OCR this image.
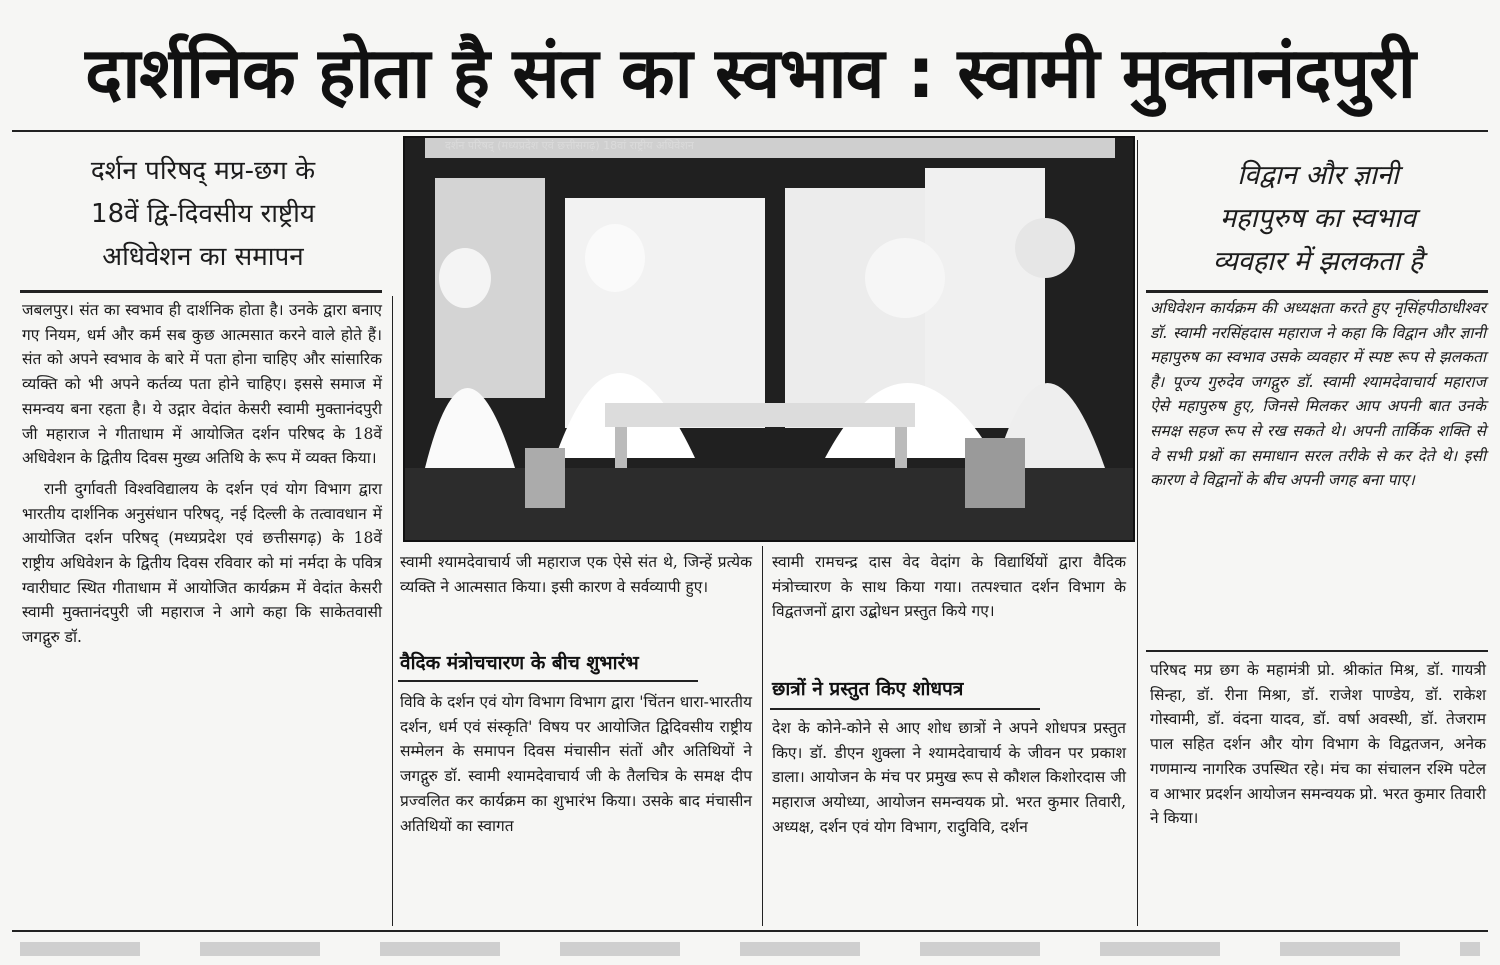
दार्शनिक होता है संत का स्वभाव : स्वामी मुक्तानंदपुरी
दर्शन परिषद् मप्र-छग के
18वें द्वि-दिवसीय राष्ट्रीय
अधिवेशन का समापन
विद्वान और ज्ञानी
महापुरुष का स्वभाव
व्यवहार में झलकता है
दर्शन परिषद् (मध्यप्रदेश एवं छत्तीसगढ़) 18वां राष्ट्रीय अधिवेशन

जबलपुर। संत का स्वभाव ही दार्शनिक होता है। उनके द्वारा बनाए गए नियम, धर्म और कर्म सब कुछ आत्मसात करने वाले होते हैं। संत को अपने स्वभाव के बारे में पता होना चाहिए और सांसारिक व्यक्ति को भी अपने कर्तव्य पता होने चाहिए। इससे समाज में समन्वय बना रहता है। ये उद्गार वेदांत केसरी स्वामी मुक्तानंदपुरी जी महाराज ने गीताधाम में आयोजित दर्शन परिषद के 18वें अधिवेशन के द्वितीय दिवस मुख्य अतिथि के रूप में व्यक्त किया।

रानी दुर्गावती विश्वविद्यालय के दर्शन एवं योग विभाग द्वारा भारतीय दार्शनिक अनुसंधान परिषद्, नई दिल्ली के तत्वावधान में आयोजित दर्शन परिषद् (मध्यप्रदेश एवं छत्तीसगढ़) के 18वें राष्ट्रीय अधिवेशन के द्वितीय दिवस रविवार को मां नर्मदा के पवित्र ग्वारीघाट स्थित गीताधाम में आयोजित कार्यक्रम में वेदांत केसरी स्वामी मुक्तानंदपुरी जी महाराज ने आगे कहा कि साकेतवासी जगद्गुरु डॉ.

स्वामी श्यामदेवाचार्य जी महाराज एक ऐसे संत थे, जिन्हें प्रत्येक व्यक्ति ने आत्मसात किया। इसी कारण वे सर्वव्यापी हुए।

वैदिक मंत्रोचचारण के बीच शुभारंभ

विवि के दर्शन एवं योग विभाग विभाग द्वारा 'चिंतन धारा-भारतीय दर्शन, धर्म एवं संस्कृति' विषय पर आयोजित द्विदिवसीय राष्ट्रीय सम्मेलन के समापन दिवस मंचासीन संतों और अतिथियों ने जगद्गुरु डॉ. स्वामी श्यामदेवाचार्य जी के तैलचित्र के समक्ष दीप प्रज्वलित कर कार्यक्रम का शुभारंभ किया। उसके बाद मंचासीन अतिथियों का स्वागत

स्वामी रामचन्द्र दास वेद वेदांग के विद्यार्थियों द्वारा वैदिक मंत्रोच्चारण के साथ किया गया। तत्पश्चात दर्शन विभाग के विद्वतजनों द्वारा उद्बोधन प्रस्तुत किये गए।

छात्रों ने प्रस्तुत किए शोधपत्र

देश के कोने-कोने से आए शोध छात्रों ने अपने शोधपत्र प्रस्तुत किए। डॉ. डीएन शुक्ला ने श्यामदेवाचार्य के जीवन पर प्रकाश डाला। आयोजन के मंच पर प्रमुख रूप से कौशल किशोरदास जी महाराज अयोध्या, आयोजन समन्वयक प्रो. भरत कुमार तिवारी, अध्यक्ष, दर्शन एवं योग विभाग, रादुविवि, दर्शन

अधिवेशन कार्यक्रम की अध्यक्षता करते हुए नृसिंहपीठाधीश्वर डॉ. स्वामी नरसिंहदास महाराज ने कहा कि विद्वान और ज्ञानी महापुरुष का स्वभाव उसके व्यवहार में स्पष्ट रूप से झलकता है। पूज्य गुरुदेव जगद्गुरु डॉ. स्वामी श्यामदेवाचार्य महाराज ऐसे महापुरुष हुए, जिनसे मिलकर आप अपनी बात उनके समक्ष सहज रूप से रख सकते थे। अपनी तार्किक शक्ति से वे सभी प्रश्नों का समाधान सरल तरीके से कर देते थे। इसी कारण वे विद्वानों के बीच अपनी जगह बना पाए।

परिषद मप्र छग के महामंत्री प्रो. श्रीकांत मिश्र, डॉ. गायत्री सिन्हा, डॉ. रीना मिश्रा, डॉ. राजेश पाण्डेय, डॉ. राकेश गोस्वामी, डॉ. वंदना यादव, डॉ. वर्षा अवस्थी, डॉ. तेजराम पाल सहित दर्शन और योग विभाग के विद्वतजन, अनेक गणमान्य नागरिक उपस्थित रहे। मंच का संचालन रश्मि पटेल व आभार प्रदर्शन आयोजन समन्वयक प्रो. भरत कुमार तिवारी ने किया।
